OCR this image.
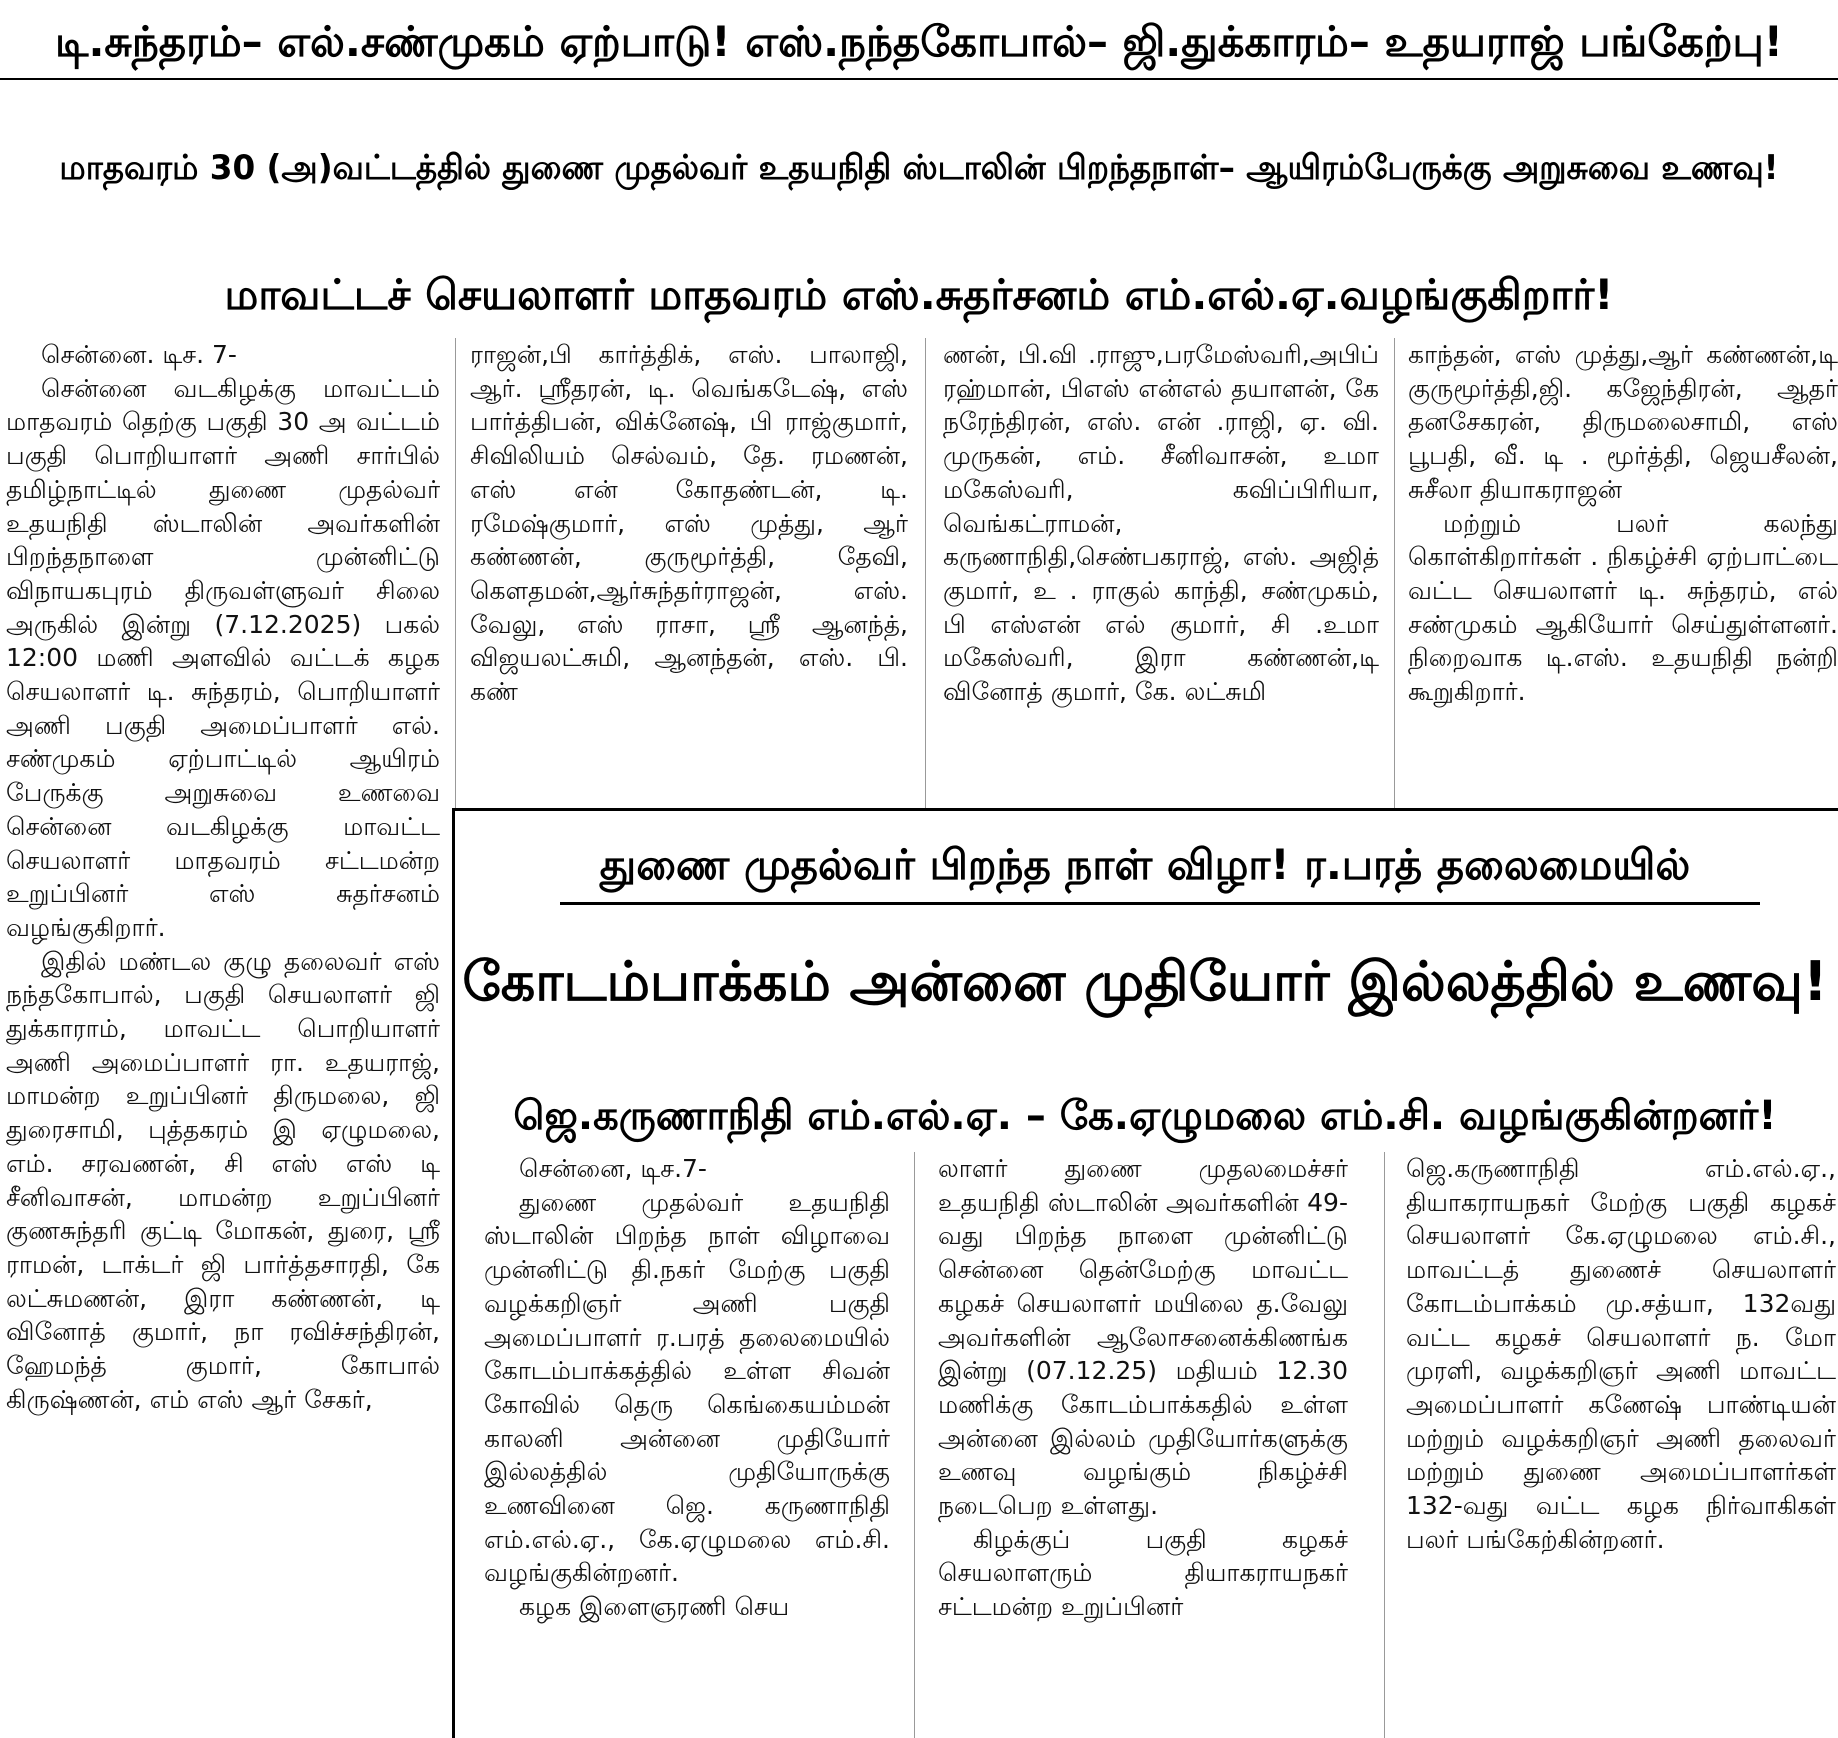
டி.சுந்தரம்– எல்.சண்முகம் ஏற்பாடு! எஸ்.நந்தகோபால்– ஜி.துக்காரம்– உதயராஜ் பங்கேற்பு!
மாதவரம் 30 (அ)வட்டத்தில் துணை முதல்வர் உதயநிதி ஸ்டாலின் பிறந்தநாள்– ஆயிரம்பேருக்கு அறுசுவை உணவு!
மாவட்டச் செயலாளர் மாதவரம் எஸ்.சுதர்சனம் எம்.எல்.ஏ.வழங்குகிறார்!

சென்னை. டிச. 7-

சென்னை வடகிழக்கு மாவட்டம் மாதவரம் தெற்கு பகுதி 30 அ வட்டம் பகுதி பொறியாளர் அணி சார்பில் தமிழ்நாட்டில் துணை முதல்வர் உதயநிதி ஸ்டாலின் அவர்களின் பிறந்தநாளை முன்னிட்டு விநாயகபுரம் திருவள்ளுவர் சிலை அருகில் இன்று (7.12.2025) பகல் 12:00 மணி அளவில் வட்டக் கழக செயலாளர் டி. சுந்தரம், பொறியாளர் அணி பகுதி அமைப்பாளர் எல். சண்முகம் ஏற்பாட்டில் ஆயிரம் பேருக்கு அறுசுவை உணவை சென்னை வடகிழக்கு மாவட்ட செயலாளர் மாதவரம் சட்டமன்ற உறுப்பினர் எஸ் சுதர்சனம் வழங்குகிறார்.

இதில் மண்டல குழு தலைவர் எஸ் நந்தகோபால், பகுதி செயலாளர் ஜி துக்காராம், மாவட்ட பொறியாளர் அணி அமைப்பாளர் ரா. உதயராஜ், மாமன்ற உறுப்பினர் திருமலை, ஜி துரைசாமி, புத்தகரம் இ ஏழுமலை, எம். சரவணன், சி எஸ் எஸ் டி சீனிவாசன், மாமன்ற உறுப்பினர் குணசுந்தரி குட்டி மோகன், துரை, ஸ்ரீ ராமன், டாக்டர் ஜி பார்த்தசாரதி, கே லட்சுமணன், இரா கண்ணன், டி வினோத் குமார், நா ரவிச்சந்திரன், ஹேமந்த் குமார், கோபால் கிருஷ்ணன், எம் எஸ் ஆர் சேகர்,

ராஜன்,பி கார்த்திக், எஸ். பாலாஜி, ஆர். ஸ்ரீதரன், டி. வெங்கடேஷ், எஸ் பார்த்திபன், விக்னேஷ், பி ராஜ்குமார், சிவிலியம் செல்வம், தே. ரமணன், எஸ் என் கோதண்டன், டி. ரமேஷ்குமார், எஸ் முத்து, ஆர் கண்ணன், குருமூர்த்தி, தேவி, கௌதமன்,ஆர்சுந்தர்ராஜன், எஸ். வேலு, எஸ் ராசா, ஸ்ரீ ஆனந்த், விஜயலட்சுமி, ஆனந்தன், எஸ். பி. கண்

ணன், பி.வி .ராஜு,பரமேஸ்வரி,அபிப் ரஹ்மான், பிஎஸ் என்எல் தயாளன், கே நரேந்திரன், எஸ். என் .ராஜி, ஏ. வி. முருகன், எம். சீனிவாசன், உமா மகேஸ்வரி, கவிப்பிரியா, வெங்கட்ராமன், கருணாநிதி,செண்பகராஜ், எஸ். அஜித் குமார், உ . ராகுல் காந்தி, சண்முகம், பி எஸ்என் எல் குமார், சி .உமா மகேஸ்வரி, இரா கண்ணன்,டி வினோத் குமார், கே. லட்சுமி

காந்தன், எஸ் முத்து,ஆர் கண்ணன்,டி குருமூர்த்தி,ஜி. கஜேந்திரன், ஆதர் தனசேகரன், திருமலைசாமி, எஸ் பூபதி, வீ. டி . மூர்த்தி, ஜெயசீலன், சுசீலா தியாகராஜன்

மற்றும் பலர் கலந்து கொள்கிறார்கள் . நிகழ்ச்சி ஏற்பாட்டை வட்ட செயலாளர் டி. சுந்தரம், எல் சண்முகம் ஆகியோர் செய்துள்ளனர். நிறைவாக டி.எஸ். உதயநிதி நன்றி கூறுகிறார்.

துணை முதல்வர் பிறந்த நாள் விழா! ர.பரத் தலைமையில்
கோடம்பாக்கம் அன்னை முதியோர் இல்லத்தில் உணவு!
ஜெ.கருணாநிதி எம்.எல்.ஏ. – கே.ஏழுமலை எம்.சி. வழங்குகின்றனர்!

சென்னை, டிச.7-

துணை முதல்வர் உதயநிதி ஸ்டாலின் பிறந்த நாள் விழாவை முன்னிட்டு தி.நகர் மேற்கு பகுதி வழக்கறிஞர் அணி பகுதி அமைப்பாளர் ர.பரத் தலைமையில் கோடம்பாக்கத்தில் உள்ள சிவன் கோவில் தெரு கெங்கையம்மன் காலனி அன்னை முதியோர் இல்லத்தில் முதியோருக்கு உணவினை ஜெ. கருணாநிதி எம்.எல்.ஏ., கே.ஏழுமலை எம்.சி. வழங்குகின்றனர்.

கழக இளைஞரணி செய

லாளர் துணை முதலமைச்சர் உதயநிதி ஸ்டாலின் அவர்களின் 49-வது பிறந்த நாளை முன்னிட்டு சென்னை தென்மேற்கு மாவட்ட கழகச் செயலாளர் மயிலை த.வேலு அவர்களின் ஆலோசனைக்கிணங்க இன்று (07.12.25) மதியம் 12.30 மணிக்கு கோடம்பாக்கதில் உள்ள அன்னை இல்லம் முதியோர்களுக்கு உணவு வழங்கும் நிகழ்ச்சி நடைபெற உள்ளது.

கிழக்குப் பகுதி கழகச் செயலாளரும் தியாகராயநகர் சட்டமன்ற உறுப்பினர்

ஜெ.கருணாநிதி எம்.எல்.ஏ., தியாகராயநகர் மேற்கு பகுதி கழகச் செயலாளர் கே.ஏழுமலை எம்.சி., மாவட்டத் துணைச் செயலாளர் கோடம்பாக்கம் மு.சத்யா, 132வது வட்ட கழகச் செயலாளர் ந. மோ முரளி, வழக்கறிஞர் அணி மாவட்ட அமைப்பாளர் கணேஷ் பாண்டியன் மற்றும் வழக்கறிஞர் அணி தலைவர் மற்றும் துணை அமைப்பாளர்கள் 132-வது வட்ட கழக நிர்வாகிகள் பலர் பங்கேற்கின்றனர்.
